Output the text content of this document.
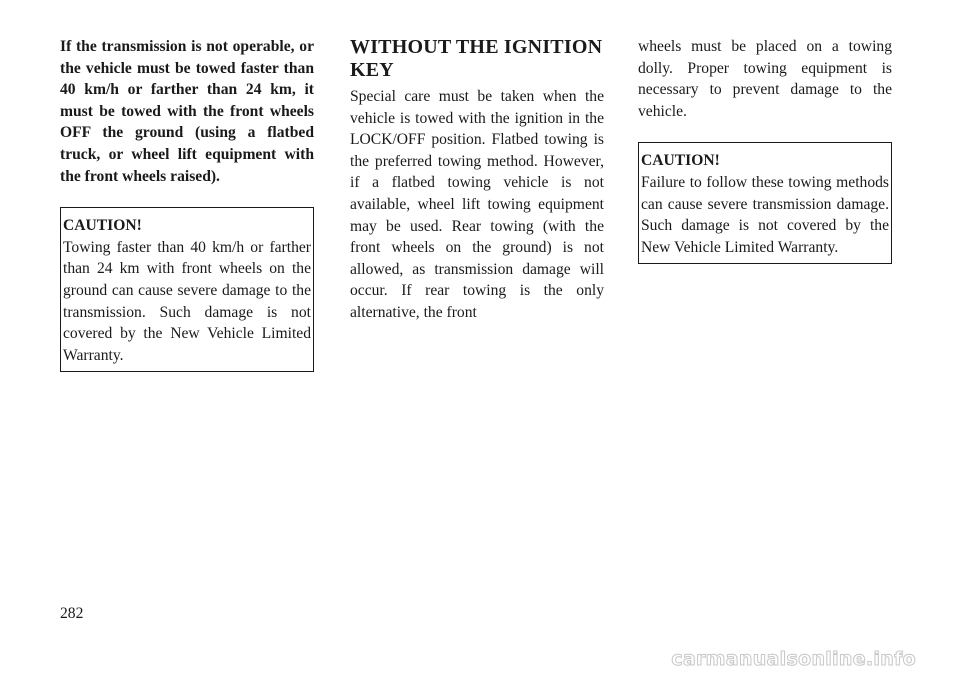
If the transmission is not operable, or the vehicle must be towed faster than 40 km/h or farther than 24 km, it must be towed with the front wheels OFF the ground (using a flatbed truck, or wheel lift equipment with the front wheels raised).
CAUTION!
Towing faster than 40 km/h or farther than 24 km with front wheels on the ground can cause severe damage to the transmission. Such damage is not covered by the New Vehicle Limited Warranty.
WITHOUT THE IGNITION KEY
Special care must be taken when the vehicle is towed with the ignition in the LOCK/OFF position. Flatbed towing is the preferred towing method. However, if a flatbed towing vehicle is not available, wheel lift towing equipment may be used. Rear towing (with the front wheels on the ground) is not allowed, as transmission damage will occur. If rear towing is the only alternative, the front
wheels must be placed on a towing dolly. Proper towing equipment is necessary to prevent damage to the vehicle.
CAUTION!
Failure to follow these towing methods can cause severe transmission damage. Such damage is not covered by the New Vehicle Limited Warranty.
282
carmanualsonline.info
